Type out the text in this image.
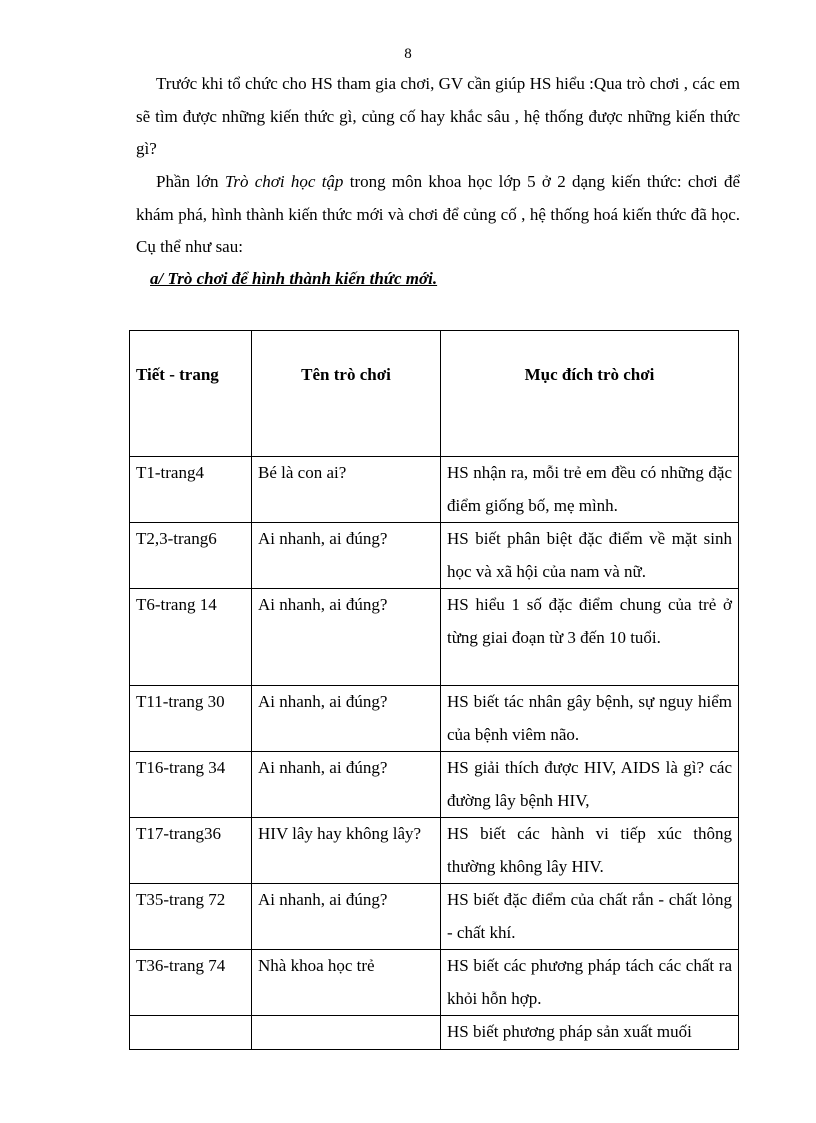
8

Trước khi tổ chức cho HS tham gia chơi, GV cần giúp HS hiểu :Qua trò chơi , các em sẽ tìm được những kiến thức gì, củng cố hay khắc sâu , hệ thống được những kiến thức gì?

Phần lớn Trò chơi học tập trong môn khoa học lớp 5 ở 2 dạng kiến thức: chơi để khám phá, hình thành kiến thức mới và chơi để củng cố , hệ thống hoá kiến thức đã học. Cụ thể như sau:

a/ Trò chơi để hình thành kiến thức mới.

Tiết - trang	Tên trò chơi	Mục đích trò chơi
T1-trang4	Bé là con ai?	HS nhận ra, mỗi trẻ em đều có những đặc điểm giống bố, mẹ mình.
T2,3-trang6	Ai nhanh, ai đúng?	HS biết phân biệt đặc điểm về mặt sinh học và xã hội của nam và nữ.
T6-trang 14	Ai nhanh, ai đúng?	HS hiểu 1 số đặc điểm chung của trẻ ở từng giai đoạn từ 3 đến 10 tuổi.
T11-trang 30	Ai nhanh, ai đúng?	HS biết tác nhân gây bệnh, sự nguy hiểm của bệnh viêm não.
T16-trang 34	Ai nhanh, ai đúng?	HS giải thích được HIV, AIDS là gì? các đường lây bệnh HIV,
T17-trang36	HIV lây hay không lây?	HS biết các hành vi tiếp xúc thông thường không lây HIV.
T35-trang 72	Ai nhanh, ai đúng?	HS biết đặc điểm của chất rắn - chất lỏng - chất khí.
T36-trang 74	Nhà khoa học trẻ	HS biết các phương pháp tách các chất ra khỏi hỗn hợp.
		HS biết phương pháp sản xuất muối
